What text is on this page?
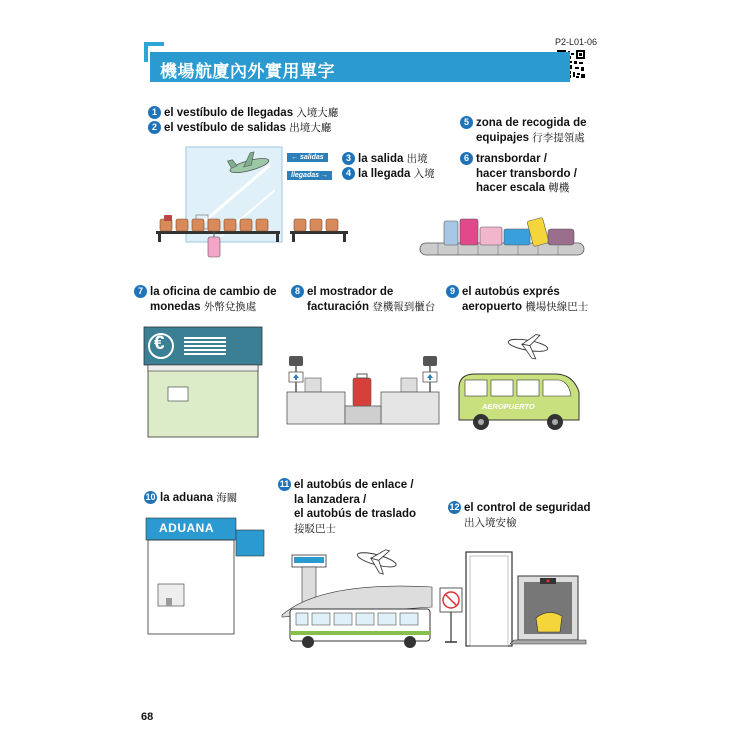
P2-L01-06
機場航廈內外實用單字
1 el vestíbulo de llegadas 入境大廳
2 el vestíbulo de salidas 出境大廳
← salidas
llegadas →
3 la salida 出境
4 la llegada 入境
5 zona de recogida de
equipajes 行李提領處
6 transbordar /
hacer transbordo /
hacer escala 轉機
7 la oficina de cambio de
monedas 外幣兌換處
8 el mostrador de
facturación 登機報到櫃台
9 el autobús exprés
aeropuerto 機場快線巴士
€
AEROPUERTO
10 la aduana 海關
11 el autobús de enlace /
la lanzadera /
el autobús de traslado
接駁巴士
12 el control de seguridad
出入境安檢
ADUANA
68
